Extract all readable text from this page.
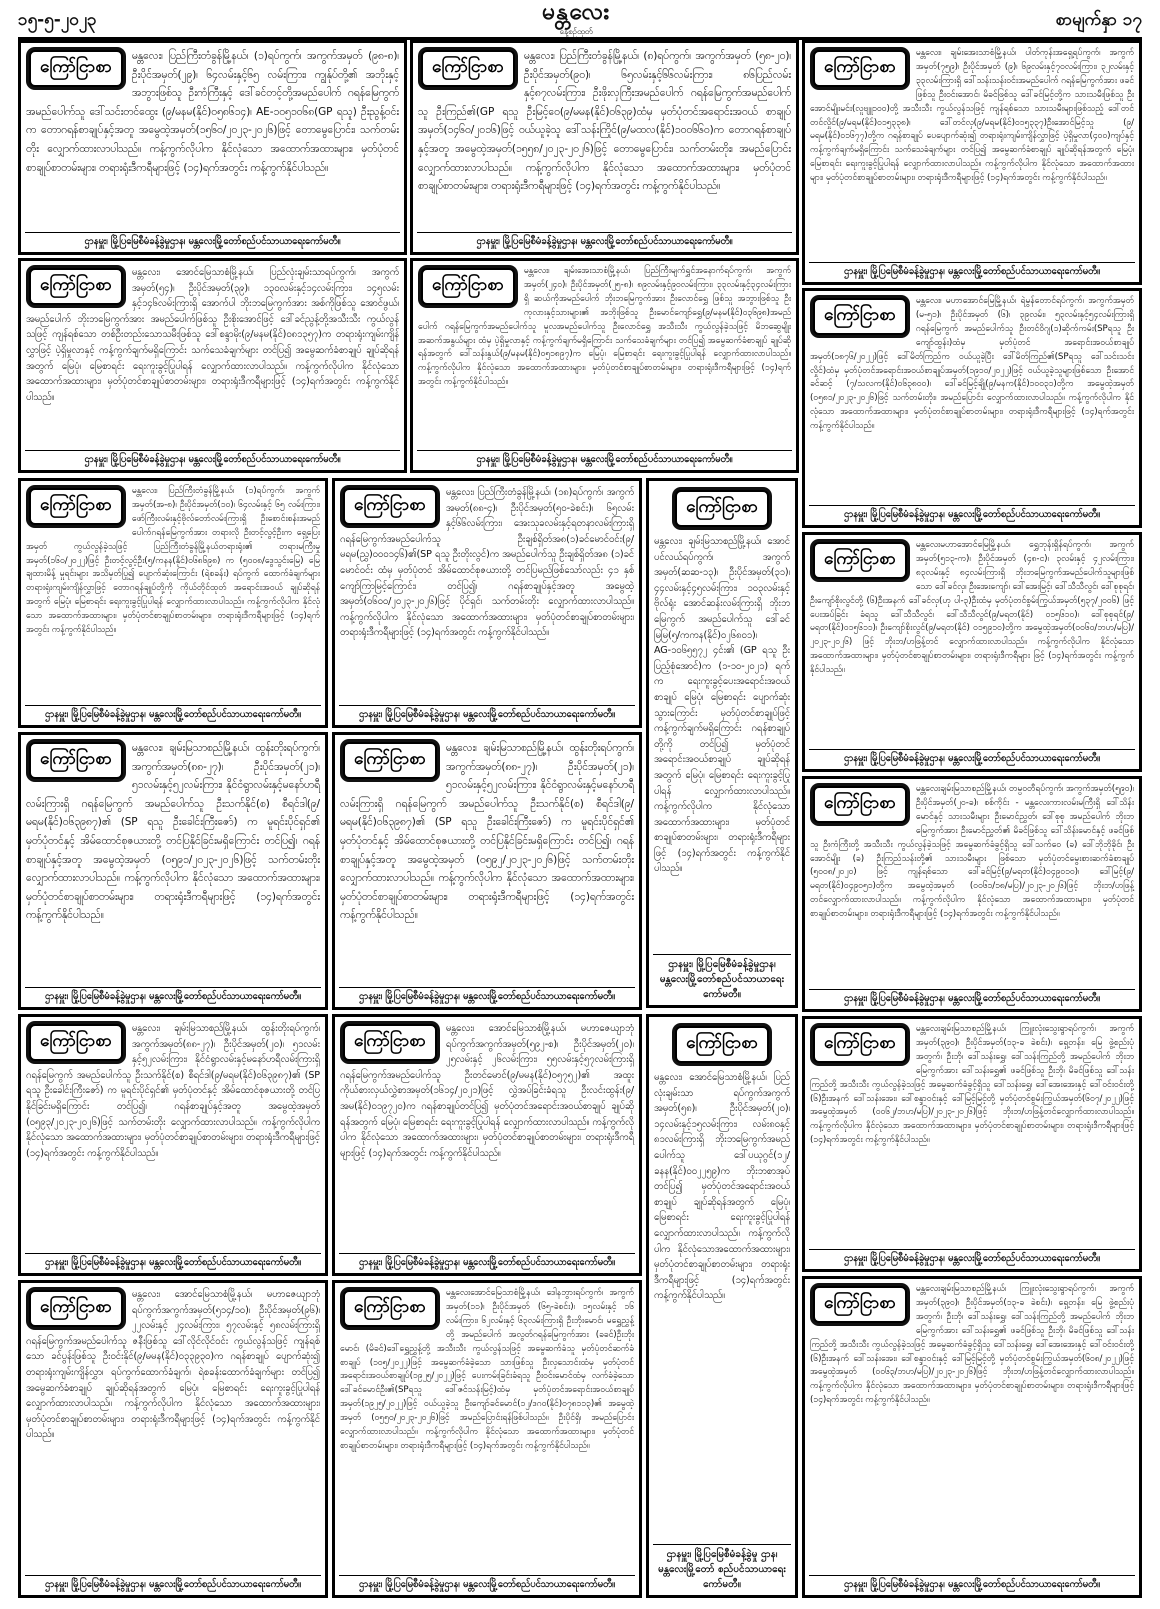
၁၅-၅-၂၀၂၃	မန္တလေး
နေ့စဉ်ထုတ်
စာမျက်နှာ ၁၇
ကြော်ငြာစာ
မန္တလေး၊ ပြည်ကြီးတံခွန်မြို့နယ်၊ (၁)ရပ်ကွက်၊ အကွက်အမှတ် (၉၈-၈)၊ ဦးပိုင်အမှတ်(၂၉)၊ ၆၄လမ်းနှင့်၆၅ လမ်းကြား၊ ကျွန်ုပ်တို့၏ အဘိုးနှင့် အဘွားဖြစ်သူ ဦးကံကြီးနှင့် ဒေါ်ခင်တင့်တို့အမည်ပေါက် ဂရန်မြေကွက်အမည်ပေါက်သူ ဒေါ်သင်းတင်ထွေး (၉/မနမ(နိုင်)၀၅၈၆၁၄)၊ AE-၁၀၅၁၀၆၈(GP ရသူ) ဦးညွန့်ဝင်းက တောဂရန်စာချုပ်နှင့်အတူ အမွေထဲ့အမှတ်(၁၅၆၀/၂၀၂၃-၂၀၂၆)ဖြင့် တောမွေပြောင်း၊ သက်တမ်းတိုး လျှောက်ထားလာပါသည်။ ကန့်ကွက်လိုပါက နိုင်လုံသော အထောက်အထားများ၊ မှတ်ပုံတင်စာချုပ်စာတမ်းများ၊ တရားရုံးဒီကရီများဖြင့် (၁၄)ရက်အတွင်း ကန့်ကွက်နိုင်ပါသည်။
ဌာနမှူး၊ မြို့ပြမြေစီမံခန့်ခွဲမှုဌာန၊ မန္တလေးမြို့တော်စည်ပင်သာယာရေးကော်မတီ။
ကြော်ငြာစာ
မန္တလေး၊ ပြည်ကြီးတံခွန်မြို့နယ်၊ (၈)ရပ်ကွက်၊ အကွက်အမှတ် (၅၈-၂၀)၊ ဦးပိုင်အမှတ်(၉၀)၊ ၆၅လမ်းနှင့်၆၆လမ်းကြား၊ ၈၆ပြည်လမ်းနှင့်၈၇လမ်းကြား၊ ဦးဖိုးလှကြီးအမည်ပေါက် ဂရန်မြေကွက်အမည်ပေါက်သူ ဦးကြည်၏(GP ရသူ ဦးမြင့်ဝေ(၉/မမန(နိုင်)၀၆၃၉)ထံမှ မှတ်ပုံတင်အရောင်းအဝယ် စာချုပ်အမှတ်(၁၄၆၀/၂၀၁၆)ဖြင့် ဝယ်ယူခဲ့သူ ဒေါ်သန်းကြိုင်(၉/မထလ(နိုင်)၁၀၀၆၆၀)က တောဂရန်စာချုပ်နှင့်အတူ အမွေထဲ့အမှတ်(၁၅၅၈/၂၀၂၃-၂၀၂၆)ဖြင့် တောမွေပြောင်း၊ သက်တမ်းတိုး၊ အမည်ပြောင်း လျှောက်ထားလာပါသည်။ ကန့်ကွက်လိုပါက နိုင်လုံသော အထောက်အထားများ၊ မှတ်ပုံတင်စာချုပ်စာတမ်းများ၊ တရားရုံးဒီကရီများဖြင့် (၁၄)ရက်အတွင်း ကန့်ကွက်နိုင်ပါသည်။
ဌာနမှူး၊ မြို့ပြမြေစီမံခန့်ခွဲမှုဌာန၊ မန္တလေးမြို့တော်စည်ပင်သာယာရေးကော်မတီ။
ကြော်ငြာစာ
မန္တလေး၊ ချမ်းအေးသာစံမြို့နယ်၊ ပါတ်ကုန်းအရှေ့ရပ်ကွက်၊ အကွက်အမှတ်(၇၅၉)၊ ဦးပိုင်အမှတ် (၉)၊ ၆၉လမ်းနှင့်၇၀လမ်းကြား၊ ၃၂လမ်းနှင့် ၃၃လမ်းကြားရှိ ဒေါ်သန်းသန်းဝင်းအမည်ပေါက် ဂရန်မြေကွက်အား ဖခင်ဖြစ်သူ ဦးဝင်းအောင်၊ မိခင်ဖြစ်သူ ဒေါ်ခင်မြင့်တို့က သားသမီးဖြစ်သူ ဦးအောင်မျိုးမင်း(လူဗျူ၁၀၀)တို့ အသီးသီး ကွယ်လွန်သဖြင့် ကျန်ရစ်သော သားသမီးများဖြစ်သည့် ဒေါ်တင်တင်လှိုင်(၉/မရမ(နိုင်)၀၁၅၃၃၈)၊ ဒေါ်တင်လှ(၉/မရမ(နိုင်)၀၁၅၃၃၇)ဦးအောင်မြင့်သူ (၉/မရမ(နိုင်)၀၁၆၇၇)တို့က ဂရန်စာချုပ် ပေပျောက်ဆုံး၍ တရားရုံးကျမ်းကျိန်လွှာဖြင့် ပဲ့ရှိမှုလာ(၄၀၀)ကျပ်နှင့် ကန့်ကွက်ချက်မရှိကြောင်း သက်သေခံချက်များ တင်ပြ၍ အမွေဆက်ခံစာချုပ် ချုပ်ဆိုရန်အတွက် မြေပုံ၊ မြေစာရင်း ရေးကူးခွင့်ပြုပါရန် လျှောက်ထားလာပါသည်။ ကန့်ကွက်လိုပါက နိုင်လုံသော အထောက်အထားများ၊ မှတ်ပုံတင်စာချုပ်စာတမ်းများ၊ တရားရုံးဒီကရီများဖြင့် (၁၄)ရက်အတွင်း ကန့်ကွက်နိုင်ပါသည်။
ဌာနမှူး၊ မြို့ပြမြေစီမံခန့်ခွဲမှုဌာန၊ မန္တလေးမြို့တော်စည်ပင်သာယာရေးကော်မတီ။
ကြော်ငြာစာ
မန္တလေး၊ အောင်မြေသာစံမြို့နယ်၊ ပြည်လုံးချမ်းသာရပ်ကွက်၊ အကွက်အမှတ်(၅၄)၊ ဦးပိုင်အမှတ်(၃၉)၊ ၁၃၀လမ်းနှင့်၁၄လမ်းကြား၊ ၁၄၅လမ်းနှင့်၁၄၆လမ်းကြားရှိ အောက်ပါ ဘိုးဘမြေကွက်အား အစ်ကိုဖြစ်သူ အောင်ဖွယ်၊ အမည်ပေါက် ဘိုးဘမြေကွက်အား အမည်ပေါက်ဖြစ်သူ ဦးစိုးအောင်ဖြင့် ဒေါ်ခင်ညွန့်တို့အသီးသီး ကွယ်လွန်သဖြင့် ကျန်ရစ်သော တစ်ဦးတည်းသောသမီးဖြစ်သူ ဒေါ်စန္ဒာမိုး(၉/မနမ(နိုင်)၀၈၁၃၅၇)က တရားရုံးကျမ်းကျိန်လွှာဖြင့် ပဲ့ရှိမှုလာနှင့် ကန့်ကွက်ချက်မရှိကြောင်း သက်သေခံချက်များ တင်ပြ၍ အမွေဆက်ခံစာချုပ် ချုပ်ဆိုရန်အတွက် မြေပုံ၊ မြေစာရင်း ရေးကူးခွင့်ပြုပါရန် လျှောက်ထားလာပါသည်။ ကန့်ကွက်လိုပါက နိုင်လုံသော အထောက်အထားများ၊ မှတ်ပုံတင်စာချုပ်စာတမ်းများ၊ တရားရုံးဒီကရီများဖြင့် (၁၄)ရက်အတွင်း ကန့်ကွက်နိုင်ပါသည်။
ဌာနမှူး၊ မြို့ပြမြေစီမံခန့်ခွဲမှုဌာန၊ မန္တလေးမြို့တော်စည်ပင်သာယာရေးကော်မတီ။
ကြော်ငြာစာ
မန္တလေး၊ ချမ်းအေးသာစံမြို့နယ်၊ ပြည်ကြီးမျက်ရွှင်အနောက်ရပ်ကွက်၊ အကွက်အမှတ်(၂၄၀)၊ ဦးပိုင်အမှတ်(၂၅-၈)၊ ၈၉လမ်းနှင့်၉၀လမ်းကြား၊ ၃၃လမ်းနှင့်၃၄လမ်းကြားရှိ ဆယ်ကိုအမည်ပေါက် ဘိုးဘမြေကွက်အား ဦးလောင်ရွှေ ဖြစ်သူ အဘွားဖြစ်သူ ဦးကုလားနှင့်သားများ၏ အဘိုးဖြစ်သူ ဦးမောင်ကျော်ရွှေ(၉/မနမ(နိုင်)၀၃၆၉၈)အမည်ပေါက် ဂရန်မြေကွက်အမည်ပေါက်သူ မူလအမည်ပေါက်သူ ဦးလောင်ရွှေ အသီးသီး ကွယ်လွန်ခဲ့သဖြင့် မိဘဆွေမျိုးအဆက်အနွယ်များ ထံမှ ပဲ့ရှိမှုလာနှင့် ကန့်ကွက်ချက်မရှိကြောင်း သက်သေခံချက်များ တင်ပြ၍ အမွေဆက်ခံစာချုပ် ချုပ်ဆိုရန်အတွက် ဒေါ်သန်းနွယ်(၉/မနမ(နိုင်)၀၅၁၈၉၇)က မြေပုံ၊ မြေစာရင်း ရေးကူးခွင့်ပြုပါရန် လျှောက်ထားလာပါသည်။ ကန့်ကွက်လိုပါက နိုင်လုံသော အထောက်အထားများ၊ မှတ်ပုံတင်စာချုပ်စာတမ်းများ၊ တရားရုံးဒီကရီများဖြင့် (၁၄)ရက်အတွင်း ကန့်ကွက်နိုင်ပါသည်။
ဌာနမှူး၊ မြို့ပြမြေစီမံခန့်ခွဲမှုဌာန၊ မန္တလေးမြို့တော်စည်ပင်သာယာရေးကော်မတီ။
ကြော်ငြာစာ
မန္တလေး၊ မဟာအောင်မြေမြို့နယ်၊ ရဲမွန်တောင်ရပ်ကွက်၊ အကွက်အမှတ် (မ-၅၁)၊ ဦးပိုင်အမှတ် (၆)၊ ၃၉လမ်း၊ ၅၃လမ်းနှင့်၅၄လမ်းကြားရှိ ဂရန်မြေကွက် အမည်ပေါက်သူ ဦးတင်ဝိဂျ(၁)ဆိုက်ကမ်း(SPရသူ ဦးကျော်ထွန်း)ထံမှ မှတ်ပုံတင် အရောင်းအဝယ်စာချုပ်အမှတ်(၁၈၇၆/၂၀၂၂)ဖြင့် ဒေါ်မိတ်ကြည်က ဝယ်ယူခဲ့ပြီး ဒေါ်မိတ်ကြည်၏(SPရသူ ဒေါ်သင်းသင်းလှိုင်)ထံမှ မှတ်ပုံတင်အရောင်းအဝယ်စာချုပ်အမှတ်(၁၉၁၀/၂၀၂၂)ဖြင့် ဝယ်ယူခဲ့သူများဖြစ်သော ဦးအောင်ခင်ဆင့် (၇/သလက(နိုင်)၀၆၃၈၀၀)၊ ဒေါ်ခင်မြင့်ချို(၉/မနက(နိုင်)၁၀၀၃၁)တို့က အမွေထဲ့အမှတ် (၀၅၈၁/၂၀၂၃-၂၀၂၆)ဖြင့် သက်တမ်းတိုး၊ အမည်ပြောင်း လျှောက်ထားလာပါသည်။ ကန့်ကွက်လိုပါက နိုင်လုံသော အထောက်အထားများ၊ မှတ်ပုံတင်စာချုပ်စာတမ်းများ၊ တရားရုံးဒီကရီများဖြင့် (၁၄)ရက်အတွင်း ကန့်ကွက်နိုင်ပါသည်။
ဌာနမှူး၊ မြို့ပြမြေစီမံခန့်ခွဲမှုဌာန၊ မန္တလေးမြို့တော်စည်ပင်သာယာရေးကော်မတီ။
ကြော်ငြာစာ
မန္တလေး၊ ပြည်ကြီးတံခွန်မြို့နယ်၊ (၁)ရပ်ကွက်၊ အကွက်အမှတ်(အ-၈)၊ ဦးပိုင်အမှတ်(၁၀)၊ ၆၄လမ်းနှင့် ၆၅ လမ်းကြား၊ ဖော်ကြီးလမ်းနှင့်ဗိုလ်တော်လမ်းကြားရှိ ဦးစောင်းစန်းအမည်ပေါက်ဂရန်မြေကွက်အား တရားလို ဦးတင့်လွင့်ဦးက ရှေ့ပြေးအမှတ် ကွယ်လွန်ခဲ့သဖြင့် ပြည်ကြီးတံခွန်မြို့နယ်တရားရုံး၏ တရားမကြီးမှုအမှတ်(၁၆၀/၂၀၂၂)ဖြင့် ဦးတင့်လွင့်ဦး(၅/ကနန(နိုင်)၀၆၈၆၉၈) က (၅၀၀၈/ဒွေသွင်းမြေ) မြေချထားမိန့် မှုရင်းများ အသိမှတ်ပြု၍ ပျောက်ဆုံးကြောင်း (ရဲစခန်း) ရပ်ကွက် ထောက်ခံချက်များ တရားရုံးကျမ်းကျိန်လွှာဖြင့် တောဂရန်ချုပ်တို့ကို ကိုယ်တိုင်ထုတ် အရောင်းအဝယ် ချုပ်ဆိုရန်အတွက် မြေပုံ၊ မြေစာရင်း ရေးကူးခွင့်ပြုပါရန် လျှောက်ထားလာပါသည်။ ကန့်ကွက်လိုပါက နိုင်လုံသော အထောက်အထားများ၊ မှတ်ပုံတင်စာချုပ်စာတမ်းများ၊ တရားရုံးဒီကရီများဖြင့် (၁၄)ရက်အတွင်း ကန့်ကွက်နိုင်ပါသည်။
ဌာနမှူး၊ မြို့ပြမြေစီမံခန့်ခွဲမှုဌာန၊ မန္တလေးမြို့တော်စည်ပင်သာယာရေးကော်မတီ။
ကြော်ငြာစာ
မန္တလေး၊ ပြည်ကြီးတံခွန်မြို့နယ်၊ (၁၈)ရပ်ကွက်၊ အကွက်အမှတ်(၈၈-၄)၊ ဦးပိုင်အမှတ်(၅၀-ခဲစင်း)၊ ၆၅လမ်းနှင့်၆၆လမ်းကြား၊ အေးသုခလမ်းနှင့်ရတနာလမ်းကြားရှိ ဂရန်မြေကွက်အမည်ပေါက်သူ ဦးချစ်ရှိတ်အ၈(၁)ခင်မောင်ဝင်း(၉/မရမ(ညွှ)၀၀၀၁၄၆)၏(SP ရသူ ဦးတိုးလွင်)က အမည်ပေါက်သူ ဦးချစ်ရှိတ်အ၈ (၁)ခင်မောင်ဝင်း ထံမှ မှတ်ပုံတင် အိမ်ထောင်စုဇယားတို့ တင်ပြမည်ဖြစ်သော်လည်း ၄၁ နှစ်ကျော်ကြာမြင့်ကြောင်း၊ တင်ပြ၍၊ ဂရန်စာချုပ်နှင့်အတူ အမွေထဲ့အမှတ်(၀၆၀၀/၂၀၂၃-၂၀၂၆)ဖြင့် ပိုင်ရှင်၊ သက်တမ်းတိုး လျှောက်ထားလာပါသည်။ ကန့်ကွက်လိုပါက နိုင်လုံသော အထောက်အထားများ၊ မှတ်ပုံတင်စာချုပ်စာတမ်းများ၊ တရားရုံးဒီကရီများဖြင့် (၁၄)ရက်အတွင်း ကန့်ကွက်နိုင်ပါသည်။
ဌာနမှူး၊ မြို့ပြမြေစီမံခန့်ခွဲမှုဌာန၊ မန္တလေးမြို့တော်စည်ပင်သာယာရေးကော်မတီ။
ကြော်ငြာစာ
မန္တလေး၊ ချမ်းမြသာစည်မြို့နယ်၊ အောင်ပင်လယ်ရပ်ကွက်၊ အကွက်အမှတ်(ဆဆ-၁၃)၊ ဦးပိုင်အမှတ်(၃၁)၊ ၄၄လမ်းနှင့်၄၅လမ်းကြား၊ ၁၀၃လမ်းနှင့်ဗိုလ်ရုံး အောင်ဆန်းလမ်းကြားရှိ ဘိုးဘမြေကွက် အမည်ပေါက်သူ ဒေါ်ခင်မြမြ(၅/ကကန(နိုင်)၀၂၆၈၀၁)၊ AG-၁၀၆၅၅၇၂ ၄င်း၏ (GP ရသူ ဦးပြည့်စုံအောင်)က (၁-၁၀-၂၀၂၁) ရက်က ရေးကူးခွင့်ပေးအရောင်းအဝယ်စာချုပ် မြေပုံ၊ မြေစာရင်း ပျောက်ဆုံးသွားကြောင်း မှတ်ပုံတင်စာချုပ်ဖြင့် ကန့်ကွက်ချက်မရှိကြောင်း ဂရန်စာချုပ်တို့ကို တင်ပြ၍ မှတ်ပုံတင်အရောင်းအဝယ်စာချုပ် ချုပ်ဆိုရန်အတွက် မြေပုံ၊ မြေစာရင်း ရေးကူးခွင့်ပြုပါရန် လျှောက်ထားလာပါသည်။ ကန့်ကွက်လိုပါက နိုင်လုံသော အထောက်အထားများ၊ မှတ်ပုံတင်စာချုပ်စာတမ်းများ၊ တရားရုံးဒီကရီများဖြင့် (၁၄)ရက်အတွင်း ကန့်ကွက်နိုင်ပါသည်။
ဌာနမှူး၊ မြို့ပြမြေစီမံခန့်ခွဲမှုဌာန၊ မန္တလေးမြို့တော်စည်ပင်သာယာရေး ကော်မတီ။
ကြော်ငြာစာ
မန္တလေးမဟာအောင်မြေမြို့နယ်၊ ရွှေဘုန်းရှိန်ရပ်ကွက်၊ အကွက်အမှတ်(၅၁၃-က)၊ ဦးပိုင်အမှတ် (၄၈-င)၊ ၃လမ်းနှင့် ၄၂လမ်းကြား၊ ၈၃လမ်းနှင့် ၈၄လမ်းကြားရှိ ဘိုးဘမြေကွက်အမည်ပေါက်သူများဖြစ်သော ဒေါ်ခင်လှ၊ ဦးအေးကျော်၊ ဒေါ်အေးမြင့်၊ ဒေါ်သီသီလွင်၊ ဒေါ်စုစုရင်၊ ဦးကျော်စိုးလွင်တို့ (၆)ဦးအနက် ဒေါ်ခင်လှ(ဟု ပါ-၃)ဦးထံမှ မှတ်ပုံတင်စွမ်းကြွယ်အမှတ်(၅၃၇/၂၀၀၆) ဖြင့် ပေးအပ်ခြင်း ခံရသူ ဒေါ်သီသီလွင်၊ ဒေါ်သီသီလွင်(၉/မရတ(နိုင်) ၀၁၅၆၁၀)၊ ဒေါ်စုစုရင်(၉/မရတ(နိုင်)၀၁၅၆၁၁)၊ ဦးကျော်စိုးလွင်(၉/မရတ(နိုင်) ၀၁၅၉၁၀)တို့က အမွေထဲ့အမှတ်(၀၀၆၀/ဘဟ/မပြ)/၂၀၂၃-၂၀၂၆) ဖြင့် ဘိုးဘ/ဟဖြန့်တင် လျှောက်ထားလာပါသည်။ ကန့်ကွက်လိုပါက နိုင်လုံသော အထောက်အထားများ၊ မှတ်ပုံတင်စာချုပ်စာတမ်းများ၊ တရားရုံးဒီကရီများ ဖြင့် (၁၄)ရက်အတွင်း ကန့်ကွက်နိုင်ပါသည်။
ဌာနမှူး၊ မြို့ပြမြေစီမံခန့်ခွဲမှုဌာန၊ မန္တလေးမြို့တော်စည်ပင်သာယာရေးကော်မတီ။
ကြော်ငြာစာ
မန္တလေး၊ ချမ်းမြသာစည်မြို့နယ်၊ ထွန်းတိုးရပ်ကွက်၊ အကွက်အမှတ်(၈၈-၂၇)၊ ဦးပိုင်အမှတ်(၂၁)၊ ၅၁လမ်းနှင့်၅၂လမ်းကြား၊ နိုင်ငံရွာလမ်းနှင့်မနော်ဟရီလမ်းကြားရှိ ဂရန်မြေကွက် အမည်ပေါက်သူ ဦးသက်နိုင်(စ) စီရင်ဒါ(၉/မရမ(နိုင်)၀၆၃၉၈၇)၏ (SP ရသူ ဦးခေါင်းကြီးဇော်) က မူရင်းပိုင်ရှင်၏ မှတ်ပုံတင်နှင့် အိမ်ထောင်စုဇယားတို့ တင်ပြနိုင်ခြင်းမရှိကြောင်း တင်ပြ၍၊ ဂရန်စာချုပ်နှင့်အတူ အမွေထဲ့အမှတ် (၀၅၉၁/၂၀၂၃-၂၀၂၆)ဖြင့် သက်တမ်းတိုး လျှောက်ထားလာပါသည်။ ကန့်ကွက်လိုပါက နိုင်လုံသော အထောက်အထားများ၊ မှတ်ပုံတင်စာချုပ်စာတမ်းများ၊ တရားရုံးဒီကရီများဖြင့် (၁၄)ရက်အတွင်း ကန့်ကွက်နိုင်ပါသည်။
ဌာနမှူး၊ မြို့ပြမြေစီမံခန့်ခွဲမှုဌာန၊ မန္တလေးမြို့တော်စည်ပင်သာယာရေးကော်မတီ။
ကြော်ငြာစာ
မန္တလေး၊ ချမ်းမြသာစည်မြို့နယ်၊ ထွန်းတိုးရပ်ကွက်၊ အကွက်အမှတ်(၈၈-၂၇)၊ ဦးပိုင်အမှတ်(၂၁)၊ ၅၁လမ်းနှင့်၅၂လမ်းကြား၊ နိုင်ငံရွာလမ်းနှင့်မနော်ဟရီလမ်းကြားရှိ ဂရန်မြေကွက် အမည်ပေါက်သူ ဦးသက်နိုင်(စ) စီရင်ဒါ(၉/မရမ(နိုင်)၀၆၃၉၈၇)၏ (SP ရသူ ဦးခေါင်းကြီးဇော်) က မူရင်းပိုင်ရှင်၏ မှတ်ပုံတင်နှင့် အိမ်ထောင်စုဇယားတို့ တင်ပြနိုင်ခြင်းမရှိကြောင်း တင်ပြ၍၊ ဂရန်စာချုပ်နှင့်အတူ အမွေထဲ့အမှတ် (၀၅၉၂/၂၀၂၃-၂၀၂၆)ဖြင့် သက်တမ်းတိုး လျှောက်ထားလာပါသည်။ ကန့်ကွက်လိုပါက နိုင်လုံသော အထောက်အထားများ၊ မှတ်ပုံတင်စာချုပ်စာတမ်းများ၊ တရားရုံးဒီကရီများဖြင့် (၁၄)ရက်အတွင်း ကန့်ကွက်နိုင်ပါသည်။
ဌာနမှူး၊ မြို့ပြမြေစီမံခန့်ခွဲမှုဌာန၊ မန္တလေးမြို့တော်စည်ပင်သာယာရေးကော်မတီ။
ကြော်ငြာစာ
မန္တလေးချမ်းမြသာစည်မြို့နယ်၊ တမ္ပဝတီရပ်ကွက်၊ အကွက်အမှတ်(၅၉၀)၊ ဦးပိုင်အမှတ်(၂၀-ခ)၊ စစ်ကိုင်း - မန္တလေးကားလမ်းမကြီးရှိ ဒေါ်သိန်းမောင်နှင့် သားသမီးများ ဦးမောင်ညွှတ်၊ ဒေါ်စုစု အမည်ပေါက် ဘိုးဘမြေကွက်အား ဦးမောင်ညွှတ်၏ မိခင်ဖြစ်သူ ဒေါ်သိန်းမောင်နှင့် ဖခင်ဖြစ်သူ ဦးကံကြီးတို့ အသီးသီး ကွယ်လွန်ခဲ့သဖြင့် အမွေဆက်ခံခွင့်ရှိသူ ဒေါ်သက်ဝေ (ခ) ဒေါ်ဘိုဘိုခိုင်၊ ဦးအောင်မျိုး (ခ) ဦးကြည်သန်းတို့၏ သားသမီးများ ဖြစ်သော မှတ်ပုံတင်မွေးစားဆက်ခံစာချုပ် (၅၀၀၈/၂၀၂၀) ဖြင့် ကျန်ရစ်သော ဒေါ်ခင်မြင့်(၉/မရတ(နိုင်)၀၄၉၀၁၀)၊ ဒေါ်မြင့်(၉/မရတ(နိုင်)၀၄၉၀၅၁)တို့က အမွေထဲ့အမှတ် (၀၀၆၁/၁၈/မပြ)/၂၀၂၃-၂၀၂၆)ဖြင့် ဘိုးဘ/ဟဖြန့်တင်လျှောက်ထားလာပါသည်။ ကန့်ကွက်လိုပါက နိုင်လုံသော အထောက်အထားများ၊ မှတ်ပုံတင်စာချုပ်စာတမ်းများ၊ တရားရုံးဒီကရီများဖြင့် (၁၄)ရက်အတွင်း ကန့်ကွက်နိုင်ပါသည်။
ဌာနမှူး၊ မြို့ပြမြေစီမံခန့်ခွဲမှုဌာန၊ မန္တလေးမြို့တော်စည်ပင်သာယာရေးကော်မတီ။
ကြော်ငြာစာ
မန္တလေး၊ ချမ်းမြသာစည်မြို့နယ်၊ ထွန်းတိုးရပ်ကွက်၊ အကွက်အမှတ်(၈၈-၂၇)၊ ဦးပိုင်အမှတ်(၂၀)၊ ၅၁လမ်းနှင့်၅၂လမ်းကြား၊ နိုင်ငံရွာလမ်းနှင့်မနော်ဟရီလမ်းကြားရှိ ဂရန်မြေကွက် အမည်ပေါက်သူ ဦးသက်နိုင်(စ) စီရင်ဒါ(၉/မရမ(နိုင်)၀၆၃၉၈၇)၏ (SP ရသူ ဦးခေါင်းကြီးဇော်) က မူရင်းပိုင်ရှင်၏ မှတ်ပုံတင်နှင့် အိမ်ထောင်စုဇယားတို့ တင်ပြနိုင်ခြင်းမရှိကြောင်း တင်ပြ၍၊ ဂရန်စာချုပ်နှင့်အတူ အမွေထဲ့အမှတ် (၀၅၉၃/၂၀၂၃-၂၀၂၆)ဖြင့် သက်တမ်းတိုး လျှောက်ထားလာပါသည်။ ကန့်ကွက်လိုပါက နိုင်လုံသော အထောက်အထားများ၊ မှတ်ပုံတင်စာချုပ်စာတမ်းများ၊ တရားရုံးဒီကရီများဖြင့် (၁၄)ရက်အတွင်း ကန့်ကွက်နိုင်ပါသည်။
ဌာနမှူး၊ မြို့ပြမြေစီမံခန့်ခွဲမှုဌာန၊ မန္တလေးမြို့တော်စည်ပင်သာယာရေးကော်မတီ။
ကြော်ငြာစာ
မန္တလေး၊ အောင်မြေသာစံမြို့နယ်၊ မဟာဇေယျာဘုံရပ်ကွက်အကွက်အမှတ်(၅၉၂-စ)၊ ဦးပိုင်အမှတ်(၂၀)၊ ၂၅လမ်းနှင့် ၂၆လမ်းကြား၊ ၅၅လမ်းနှင့်၅၇လမ်းကြားရှိ ဂရန်မြေကွက်အမည်ပေါက်သူ ဦးတင်မောင်(၉/မမန(နိုင်)၀၅၇၅၂)၏ အထူးကိုယ်စားလှယ်လွှဲစာအမှတ်(၁၆၁၄/၂၀၂၁)ဖြင့် လွှဲအပ်ခြင်းခံရသူ ဦးလင်းထွန်း(၉/အမ(နိုင်)၀၁၉၇၂၀)က ဂရန်စာချုပ်တင်ပြ၍ မှတ်ပုံတင်အရောင်းအဝယ်စာချုပ် ချုပ်ဆိုရန်အတွက် မြေပုံ၊ မြေစာရင်း ရေးကူးခွင့်ပြုပါရန် လျှောက်ထားလာပါသည်။ ကန့်ကွက်လိုပါက နိုင်လုံသော အထောက်အထားများ၊ မှတ်ပုံတင်စာချုပ်စာတမ်းများ၊ တရားရုံးဒီကရီများဖြင့် (၁၄)ရက်အတွင်း ကန့်ကွက်နိုင်ပါသည်။
ဌာနမှူး၊ မြို့ပြမြေစီမံခန့်ခွဲမှုဌာန၊ မန္တလေးမြို့တော်စည်ပင်သာယာရေးကော်မတီ။
ကြော်ငြာစာ
မန္တလေး၊ အောင်မြေသာစံမြို့နယ်၊ ပြည်လုံးချမ်းသာ ရပ်ကွက်အကွက်အမှတ်(၅၈)၊ ဦးပိုင်အမှတ်(၂၀)၊ ၁၄လမ်းနှင့်၁၅လမ်းကြား၊ လမ်း၈၀နှင့် ၈၁လမ်းကြားရှိ ဘိုးဘမြေကွက်အမည်ပေါက်သူ ဒေါ်ပယုဂွင်(၁၂/ခနန(နိုင်)၀၀၂၂၅၉)က ဘိုးဘစာအုပ်တင်ပြ၍ မှတ်ပုံတင်အရောင်းအဝယ်စာချုပ် ချုပ်ဆိုရန်အတွက် မြေပုံ၊ မြေစာရင်း ရေးကူးခွင့်ပြုပါရန် လျှောက်ထားလာပါသည်။ ကန့်ကွက်လိုပါက နိုင်လုံသောအထောက်အထားများ၊ မှတ်ပုံတင်စာချုပ်စာတမ်းများ၊ တရားရုံးဒီကရီများဖြင့် (၁၄)ရက်အတွင်း ကန့်ကွက်နိုင်ပါသည်။
ဌာနမှူး၊ မြို့ပြမြေစီမံခန့်ခွဲမှု ဌာန၊ မန္တလေးမြို့တော် စည်ပင်သာယာရေးကော်မတီ။
ကြော်ငြာစာ
မန္တလေးချမ်းမြသာစည်မြို့နယ်၊ ကြူးလုံးသွေးရွာရပ်ကွက်၊ အကွက်အမှတ်(၃၉၀)၊ ဦးပိုင်အမှတ်(၁၃-ခ ခဲစင်း)၊ ရှေ့တန်း၊ မြေ ဖွဲ့စည်းပုံအတွက်၊ ဦးဘို၊ ဒေါ်သန်းရွှေ၊ ဒေါ်သန်းကြည်တို့ အမည်ပေါက် ဘိုးဘမြေကွက်အား ဒေါ်သန်းရွှေ၏ ဖခင်ဖြစ်သူ ဦးဘို၊ မိခင်ဖြစ်သူ ဒေါ်သန်းကြည်တို့ အသီးသီး ကွယ်လွန်ခဲ့သဖြင့် အမွေဆက်ခံခွင့်ရှိသူ ဒေါ်သန်းရွှေ၊ ဒေါ်အေးအေးနှင့် ဒေါ်ဝင်းဝင်းတို့ (၆)ဦးအနက် ဒေါ်သန်းအေး၊ ဒေါ်စန္ဒာဝင်းနှင့် ဒေါ်မြင့်မြင့်တို့ မှတ်ပုံတင်စွမ်းကြွယ်အမှတ်(၆၀၇/၂၀၂၂)ဖြင့် အမွေထဲ့အမှတ် (၀၀၆၂/ဘဟ/မပြ)/၂၀၂၃-၂၀၂၆)ဖြင့် ဘိုးဘ/ဟဖြန့်တင်လျှောက်ထားလာပါသည်။ ကန့်ကွက်လိုပါက နိုင်လုံသော အထောက်အထားများ၊ မှတ်ပုံတင်စာချုပ်စာတမ်းများ၊ တရားရုံးဒီကရီများဖြင့် (၁၄)ရက်အတွင်း ကန့်ကွက်နိုင်ပါသည်။
ဌာနမှူး၊ မြို့ပြမြေစီမံခန့်ခွဲမှုဌာန၊ မန္တလေးမြို့တော်စည်ပင်သာယာရေးကော်မတီ။
ကြော်ငြာစာ
မန္တလေး၊ အောင်မြေသာစံမြို့နယ်၊ မဟာဇေယျာဘုံရပ်ကွက်အကွက်အမှတ်(၅၁၄/၁၀)၊ ဦးပိုင်အမှတ်(၉၆)၊ ၂၂လမ်းနှင့် ၂၄လမ်းကြား၊ ၅၇လမ်းနှင့် ၅၈လမ်းကြားရှိ ဂရန်မြေကွက်အမည်ပေါက်သူ ဇနီးဖြစ်သူ ဒေါ်လိုင်လိုင်ဝင်း ကွယ်လွန်သဖြင့် ကျန်ရစ်သော ခင်ပွန်းဖြစ်သူ ဦးဝင်းနိုင်(၉/မမန(နိုင်)၀၃၃၉၃၀)က ဂရန်စာချုပ် ပျောက်ဆုံး၍ တရားရုံးကျမ်းကျိန်လွှာ၊ ရပ်ကွက်ထောက်ခံချက်၊ ရဲစခန်းထောက်ခံချက်များ တင်ပြ၍ အမွေဆက်ခံစာချုပ် ချုပ်ဆိုရန်အတွက် မြေပုံ၊ မြေစာရင်း ရေးကူးခွင့်ပြုပါရန် လျှောက်ထားလာပါသည်။ ကန့်ကွက်လိုပါက နိုင်လုံသော အထောက်အထားများ၊ မှတ်ပုံတင်စာချုပ်စာတမ်းများ၊ တရားရုံးဒီကရီများဖြင့် (၁၄)ရက်အတွင်း ကန့်ကွက်နိုင်ပါသည်။
ဌာနမှူး၊ မြို့ပြမြေစီမံခန့်ခွဲမှုဌာန၊ မန္တလေးမြို့တော်စည်ပင်သာယာရေးကော်မတီ။
ကြော်ငြာစာ
မန္တလေးအောင်မြေသာစံမြို့နယ်၊ ဒေါနဘွားရပ်ကွက်၊ အကွက်အမှတ်(၁၁)၊ ဦးပိုင်အမှတ် (၆၅-ခဲစင်း)၊ ၁၅လမ်းနှင့် ၁၆ လမ်းကြား၊ ၆၂လမ်းနှင့် ၆၃လမ်းကြားရှိ ဦးဘိုးမောင်၊ မရွှေညွှန့်တို့ အမည်ပေါက် အလွတ်ဂရန်မြေကွက်အား (ခခင်)ဦးဘိုးမောင်၊ (မိခင်)ဒေါ်ရွှေညွှန့်တို့ အသီးသီး ကွယ်လွန်သဖြင့် အမွေဆက်ခံသူ မှတ်ပုံတင်ဆက်ခံစာချုပ် (၁၀၅/၂၀၂၂)ဖြင့် အမွေဆက်ခံခဲ့သော သားဖြစ်သူ ဦးလှသောင်းထံမှ မှတ်ပုံတင်အရောင်းအဝယ်စာချုပ်(၁၉၂၅/၂၀၂၂)ဖြင့် ပေးကမ်းခြင်းခံရသူ ဦးဝင်းမောင်ထံမှ လက်ခံခဲ့သောဒေါ်ခင်မောင်ဦး၏(SPရသူ ဒေါ်ဇင်သန်းမြင့်)ထံမှ မှတ်ပုံတင်အရောင်းအဝယ်စာချုပ်အမှတ်(၁၉၂၅/၂၀၂၂)ဖြင့် ဝယ်ယူခဲ့သူ ဦးကျော်ခင်မောင်(၁၂/ဒဂဝ(နိုင်)၀၇၈၁၁၃)၏ အမွေထဲ့အမှတ် (၀၅၅၀/၂၀၂၃-၂၀၂၆)ဖြင့် အမည်ပြောင်းရန်ဖြစ်ပါသည်။ ဦးပိုင်ရှိ၊ အမည်ပြောင်း လျှောက်ထားလာပါသည်။ ကန့်ကွက်လိုပါက နိုင်လုံသော အထောက်အထားများ၊ မှတ်ပုံတင်စာချုပ်စာတမ်းများ၊ တရားရုံးဒီကရီများဖြင့် (၁၄)ရက်အတွင်း ကန့်ကွက်နိုင်ပါသည်။
ဌာနမှူး၊ မြို့ပြမြေစီမံခန့်ခွဲမှုဌာန၊ မန္တလေးမြို့တော်စည်ပင်သာယာရေးကော်မတီ။
ကြော်ငြာစာ
မန္တလေးချမ်းမြသာစည်မြို့နယ်၊ ကြူးလုံးသွေးရွာရပ်ကွက်၊ အကွက်အမှတ်(၃၉၀)၊ ဦးပိုင်အမှတ်(၁၃-ခ ခဲစင်း)၊ ရှေ့တန်း၊ မြေ ဖွဲ့စည်းပုံအတွက်၊ ဦးဘို၊ ဒေါ်သန်းရွှေ၊ ဒေါ်သန်းကြည်တို့ အမည်ပေါက် ဘိုးဘမြေကွက်အား ဒေါ်သန်းရွှေ၏ ဖခင်ဖြစ်သူ ဦးဘို၊ မိခင်ဖြစ်သူ ဒေါ်သန်းကြည်တို့ အသီးသီး ကွယ်လွန်ခဲ့သဖြင့် အမွေဆက်ခံခွင့်ရှိသူ ဒေါ်သန်းရွှေ၊ ဒေါ်အေးအေးနှင့် ဒေါ်ဝင်းဝင်းတို့ (၆)ဦးအနက် ဒေါ်သန်းအေး၊ ဒေါ်စန္ဒာဝင်းနှင့် ဒေါ်မြင့်မြင့်တို့ မှတ်ပုံတင်စွမ်းကြွယ်အမှတ်(၆၀၈/၂၀၂၂)ဖြင့် အမွေထဲ့အမှတ် (၀၀၆၃/ဘဟ/မပြ)/၂၀၂၃-၂၀၂၆)ဖြင့် ဘိုးဘ/ဟဖြန့်တင်လျှောက်ထားလာပါသည်။ ကန့်ကွက်လိုပါက နိုင်လုံသော အထောက်အထားများ၊ မှတ်ပုံတင်စာချုပ်စာတမ်းများ၊ တရားရုံးဒီကရီများဖြင့် (၁၄)ရက်အတွင်း ကန့်ကွက်နိုင်ပါသည်။
ဌာနမှူး၊ မြို့ပြမြေစီမံခန့်ခွဲမှုဌာန၊ မန္တလေးမြို့တော်စည်ပင်သာယာရေးကော်မတီ။
